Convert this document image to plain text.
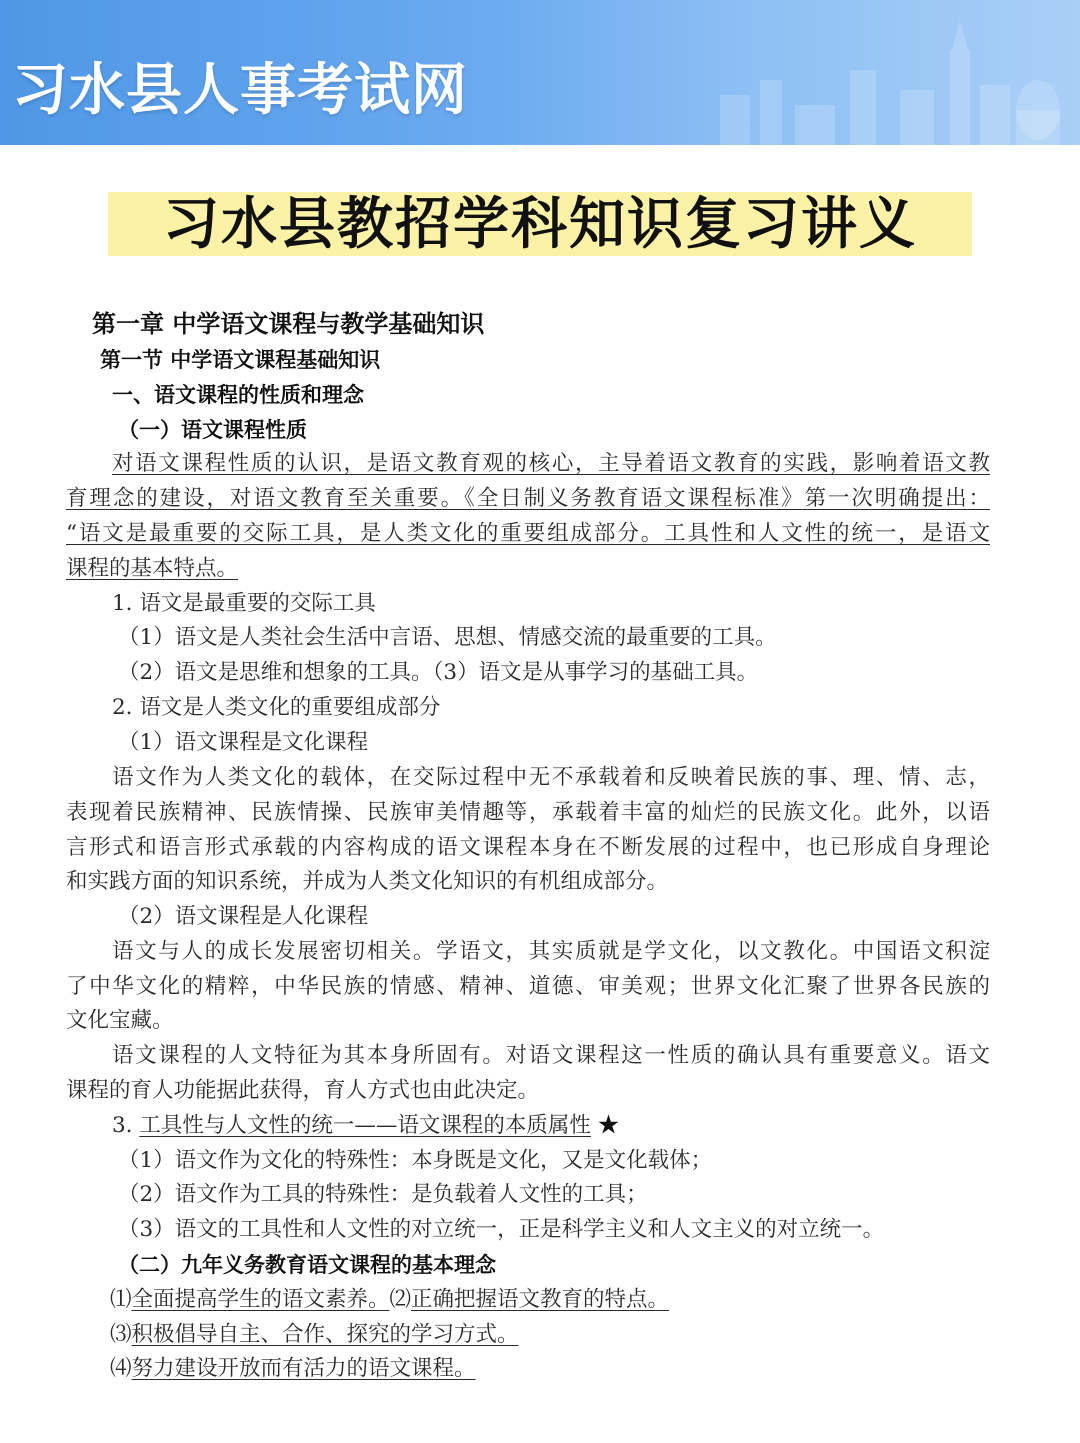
习水县人事考试网
习水县教招学科知识复习讲义
第一章 中学语文课程与教学基础知识
第一节 中学语文课程基础知识
一、语文课程的性质和理念
（一）语文课程性质
对语文课程性质的认识，是语文教育观的核心，主导着语文教育的实践，影响着语文教
育理念的建设，对语文教育至关重要。《全日制义务教育语文课程标准》第一次明确提出：
“语文是最重要的交际工具，是人类文化的重要组成部分。工具性和人文性的统一，是语文
课程的基本特点。
1. 语文是最重要的交际工具
（1）语文是人类社会生活中言语、思想、情感交流的最重要的工具。
（2）语文是思维和想象的工具。（3）语文是从事学习的基础工具。
2. 语文是人类文化的重要组成部分
（1）语文课程是文化课程
语文作为人类文化的载体，在交际过程中无不承载着和反映着民族的事、理、情、志，
表现着民族精神、民族情操、民族审美情趣等，承载着丰富的灿烂的民族文化。此外，以语
言形式和语言形式承载的内容构成的语文课程本身在不断发展的过程中，也已形成自身理论
和实践方面的知识系统，并成为人类文化知识的有机组成部分。
（2）语文课程是人化课程
语文与人的成长发展密切相关。学语文，其实质就是学文化，以文教化。中国语文积淀
了中华文化的精粹，中华民族的情感、精神、道德、审美观；世界文化汇聚了世界各民族的
文化宝藏。
语文课程的人文特征为其本身所固有。对语文课程这一性质的确认具有重要意义。语文
课程的育人功能据此获得，育人方式也由此决定。
3. 工具性与人文性的统一——语文课程的本质属性 ★
（1）语文作为文化的特殊性：本身既是文化，又是文化载体；
（2）语文作为工具的特殊性：是负载着人文性的工具；
（3）语文的工具性和人文性的对立统一，正是科学主义和人文主义的对立统一。
（二）九年义务教育语文课程的基本理念
⑴全面提高学生的语文素养。⑵正确把握语文教育的特点。
⑶积极倡导自主、合作、探究的学习方式。
⑷努力建设开放而有活力的语文课程。
